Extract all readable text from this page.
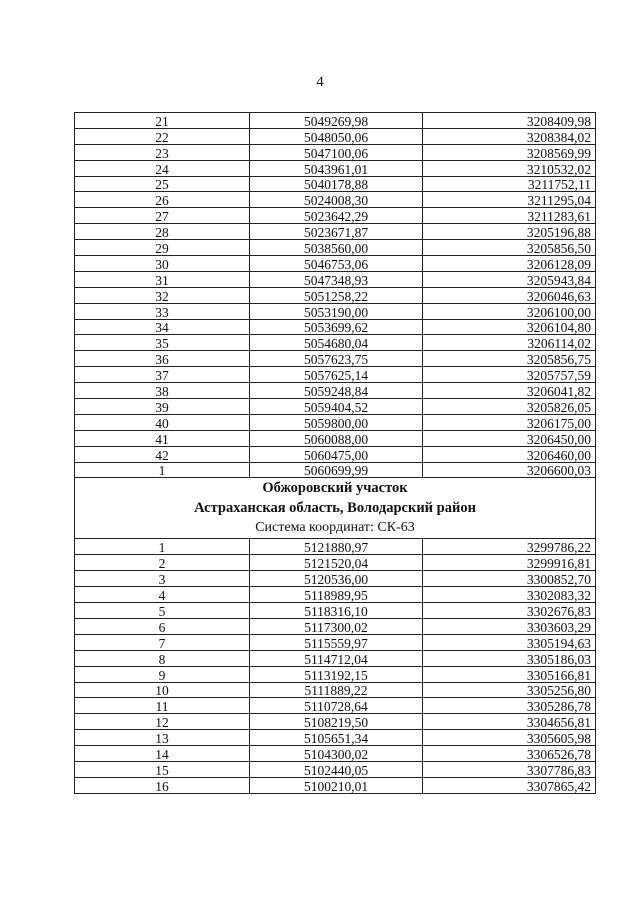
4
21	5049269,98	3208409,98
22	5048050,06	3208384,02
23	5047100,06	3208569,99
24	5043961,01	3210532,02
25	5040178,88	3211752,11
26	5024008,30	3211295,04
27	5023642,29	3211283,61
28	5023671,87	3205196,88
29	5038560,00	3205856,50
30	5046753,06	3206128,09
31	5047348,93	3205943,84
32	5051258,22	3206046,63
33	5053190,00	3206100,00
34	5053699,62	3206104,80
35	5054680,04	3206114,02
36	5057623,75	3205856,75
37	5057625,14	3205757,59
38	5059248,84	3206041,82
39	5059404,52	3205826,05
40	5059800,00	3206175,00
41	5060088,00	3206450,00
42	5060475,00	3206460,00
1	5060699,99	3206600,03
Обжоровский участок		
Астраханская область, Володарский район		
Система координат: СК-63		
1	5121880,97	3299786,22
2	5121520,04	3299916,81
3	5120536,00	3300852,70
4	5118989,95	3302083,32
5	5118316,10	3302676,83
6	5117300,02	3303603,29
7	5115559,97	3305194,63
8	5114712,04	3305186,03
9	5113192,15	3305166,81
10	5111889,22	3305256,80
11	5110728,64	3305286,78
12	5108219,50	3304656,81
13	5105651,34	3305605,98
14	5104300,02	3306526,78
15	5102440,05	3307786,83
16	5100210,01	3307865,42
